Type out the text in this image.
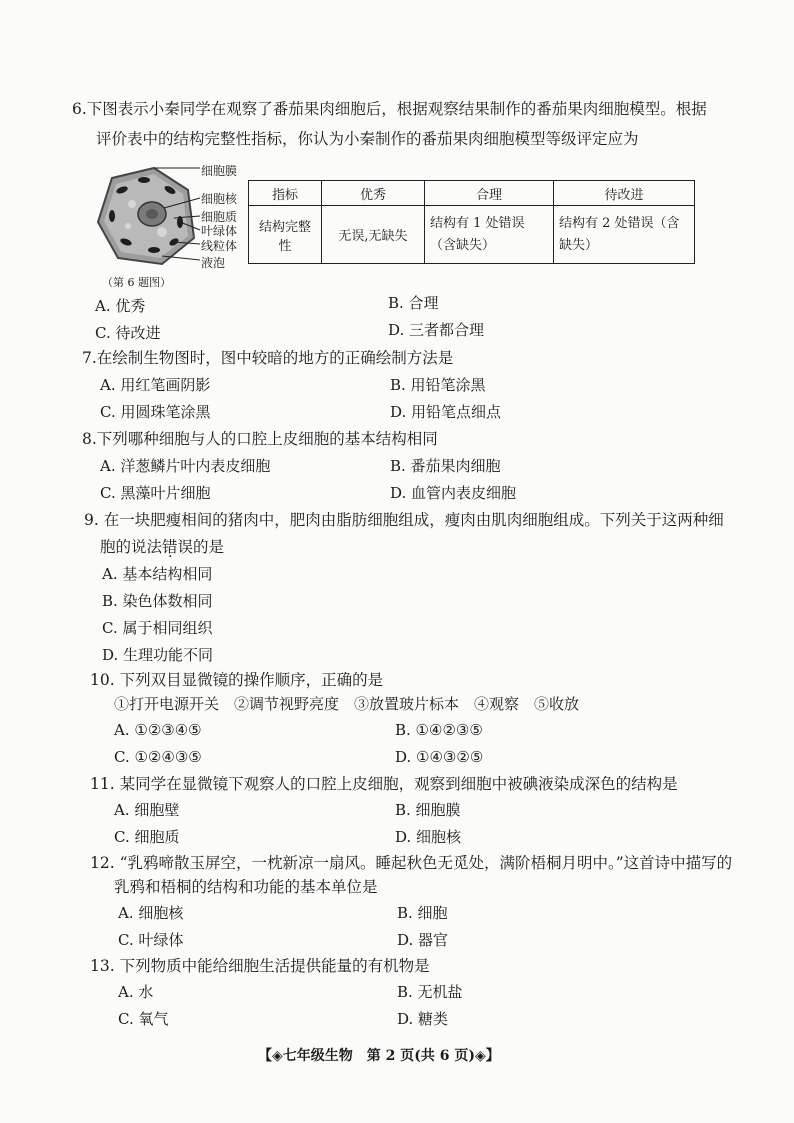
6.下图表示小秦同学在观察了番茄果肉细胞后，根据观察结果制作的番茄果肉细胞模型。根据
评价表中的结构完整性指标，你认为小秦制作的番茄果肉细胞模型等级评定应为
细胞膜
细胞核
细胞质
叶绿体
线粒体
液泡
（第 6 题图）
指标	优秀	合理	待改进
结构完整性	无误,无缺失	结构有 1 处错误（含缺失）	结构有 2 处错误（含缺失）
A. 优秀	B. 合理
C. 待改进	D. 三者都合理
7.在绘制生物图时，图中较暗的地方的正确绘制方法是
A. 用红笔画阴影	B. 用铅笔涂黑
C. 用圆珠笔涂黑	D. 用铅笔点细点
8.下列哪种细胞与人的口腔上皮细胞的基本结构相同
A. 洋葱鳞片叶内表皮细胞	B. 番茄果肉细胞
C. 黑藻叶片细胞	D. 血管内表皮细胞
9. 在一块肥瘦相间的猪肉中，肥肉由脂肪细胞组成，瘦肉由肌肉细胞组成。下列关于这两种细
胞的说法错误的是
A. 基本结构相同
B. 染色体数相同
C. 属于相同组织
D. 生理功能不同
10. 下列双目显微镜的操作顺序，正确的是
①打开电源开关　②调节视野亮度　③放置玻片标本　④观察　⑤收放
A. ①②③④⑤	B. ①④②③⑤
C. ①②④③⑤	D. ①④③②⑤
11. 某同学在显微镜下观察人的口腔上皮细胞，观察到细胞中被碘液染成深色的结构是
A. 细胞壁	B. 细胞膜
C. 细胞质	D. 细胞核
12. “乳鸦啼散玉屏空，一枕新凉一扇风。睡起秋色无觅处，满阶梧桐月明中。”这首诗中描写的
乳鸦和梧桐的结构和功能的基本单位是
A. 细胞核	B. 细胞
C. 叶绿体	D. 器官
13. 下列物质中能给细胞生活提供能量的有机物是
A. 水	B. 无机盐
C. 氧气	D. 糖类
【◈七年级生物　第 2 页(共 6 页)◈】
